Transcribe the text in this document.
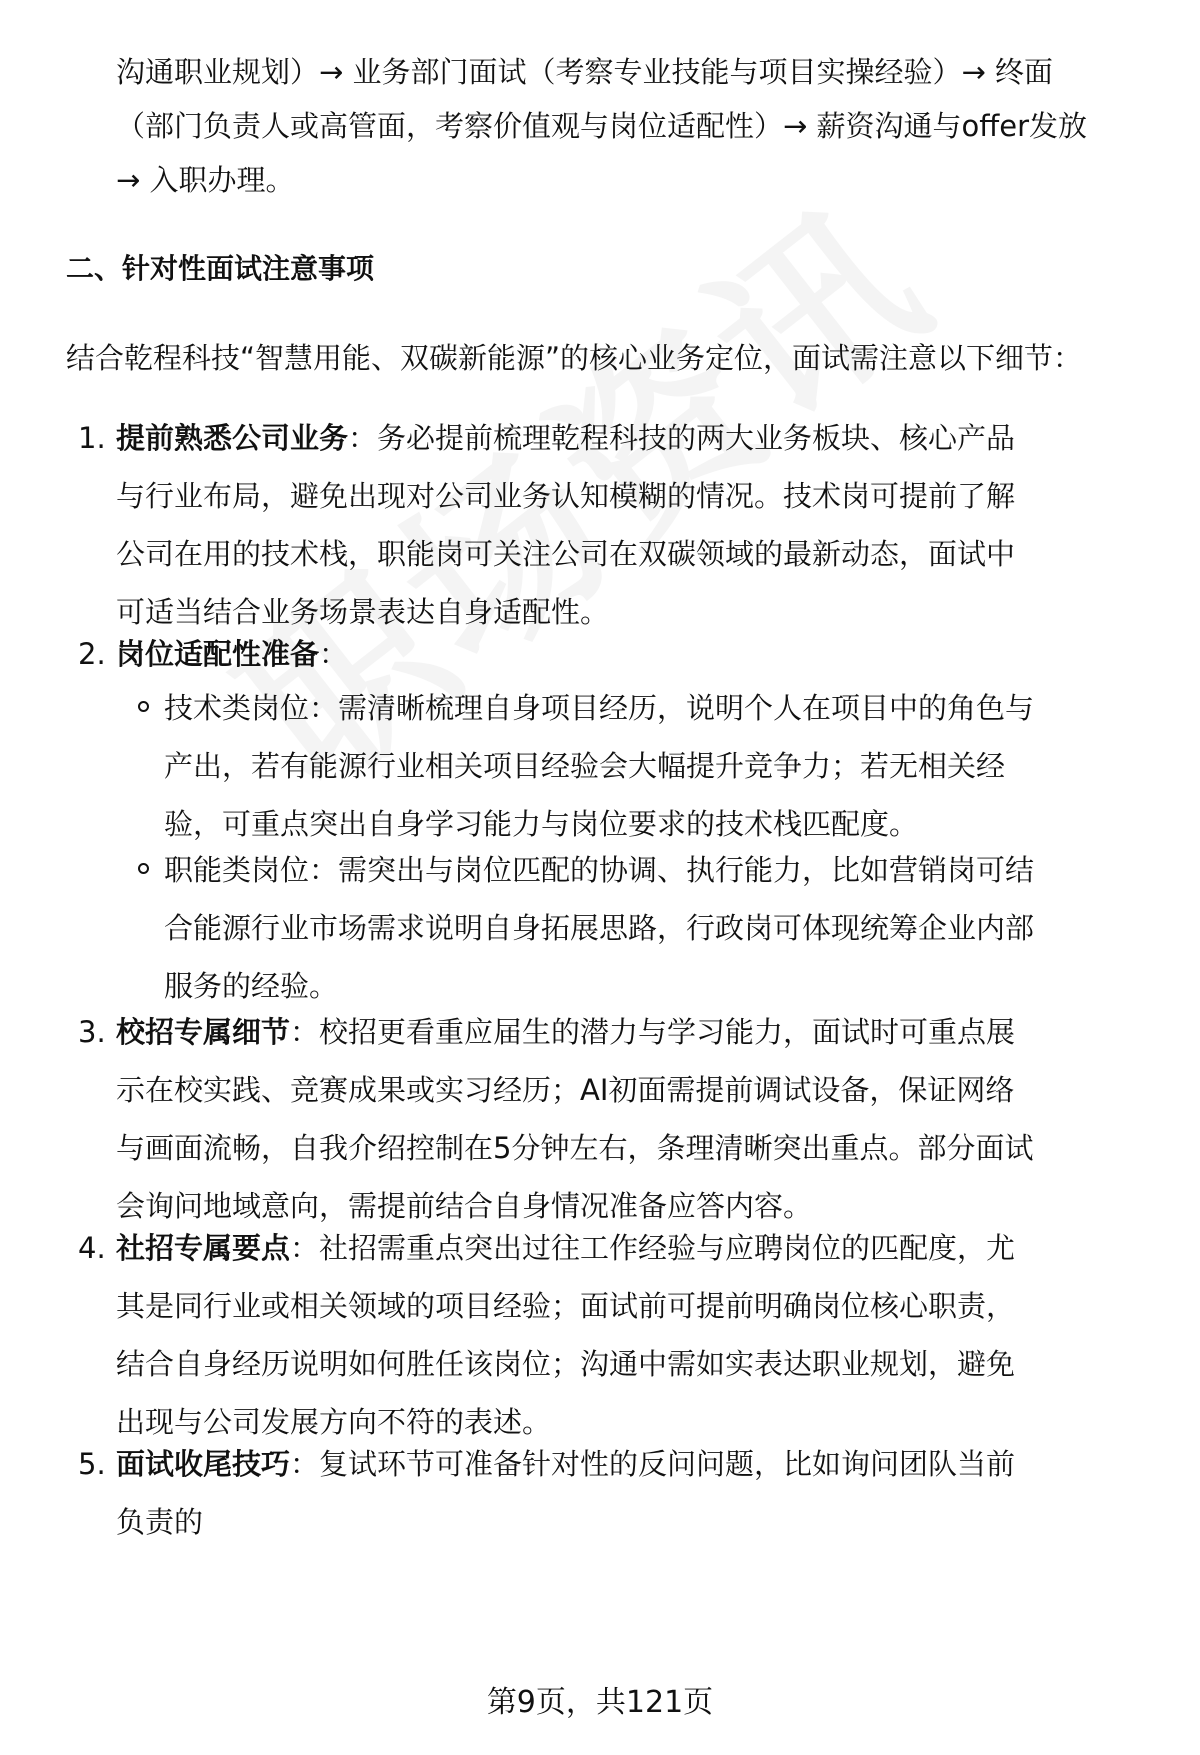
沟通职业规划）→ 业务部门面试（考察专业技能与项目实操经验）→ 终面
（部门负责人或高管面，考察价值观与岗位适配性）→ 薪资沟通与offer发放
→ 入职办理。
二、针对性面试注意事项
结合乾程科技“智慧用能、双碳新能源”的核心业务定位，面试需注意以下细节：
1. 提前熟悉公司业务：务必提前梳理乾程科技的两大业务板块、核心产品与行业布局，避免出现对公司业务认知模糊的情况。技术岗可提前了解公司在用的技术栈，职能岗可关注公司在双碳领域的最新动态，面试中可适当结合业务场景表达自身适配性。
2. 岗位适配性准备：
技术类岗位：需清晰梳理自身项目经历，说明个人在项目中的角色与产出，若有能源行业相关项目经验会大幅提升竞争力；若无相关经验，可重点突出自身学习能力与岗位要求的技术栈匹配度。
职能类岗位：需突出与岗位匹配的协调、执行能力，比如营销岗可结合能源行业市场需求说明自身拓展思路，行政岗可体现统筹企业内部服务的经验。
3. 校招专属细节：校招更看重应届生的潜力与学习能力，面试时可重点展示在校实践、竞赛成果或实习经历；AI初面需提前调试设备，保证网络与画面流畅，自我介绍控制在5分钟左右，条理清晰突出重点。部分面试会询问地域意向，需提前结合自身情况准备应答内容。
4. 社招专属要点：社招需重点突出过往工作经验与应聘岗位的匹配度，尤其是同行业或相关领域的项目经验；面试前可提前明确岗位核心职责，结合自身经历说明如何胜任该岗位；沟通中需如实表达职业规划，避免出现与公司发展方向不符的表述。
5. 面试收尾技巧：复试环节可准备针对性的反问问题，比如询问团队当前负责的
第9页，共121页
